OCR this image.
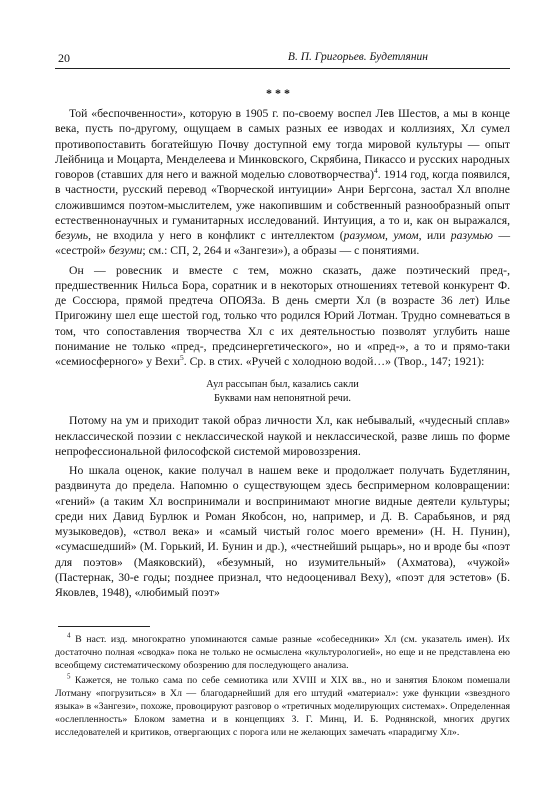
20	В. П. Григорьев. Будетлянин
***

Той «беспочвенности», которую в 1905 г. по-своему воспел Лев Шестов, а мы в конце века, пусть по-другому, ощущаем в самых разных ее изводах и коллизиях, Хл сумел противопоставить богатейшую Почву доступной ему тогда мировой культуры — опыт Лейбница и Моцарта, Менделеева и Минковского, Скрябина, Пикассо и русских народных говоров (ставших для него и важной моделью словотворчества)$^4$. 1914 год, когда появился, в частности, русский перевод «Творческой интуиции» Анри Бергсона, застал Хл вполне сложившимся поэтом-мыслителем, уже накопившим и собственный разнообразный опыт естественнонаучных и гуманитарных исследований. Интуиция, а то и, как он выражался, безумь, не входила у него в конфликт с интеллектом (разумом, умом, или разумью — «сестрой» безуми; см.: СП, 2, 264 и «Зангези»), а образы — с понятиями.

Он — ровесник и вместе с тем, можно сказать, даже поэтический пред-, предшественник Нильса Бора, соратник и в некоторых отношениях тетевой конкурент Ф. де Соссюра, прямой предтеча ОПОЯЗа. В день смерти Хл (в возрасте 36 лет) Илье Пригожину шел еще шестой год, только что родился Юрий Лотман. Трудно сомневаться в том, что сопоставления творчества Хл с их деятельностью позволят углубить наше понимание не только «пред-, предсинергетического», но и «пред-», а то и прямо-таки «семиосферного» у Вехи$^5$. Ср. в стих. «Ручей с холодною водой…» (Твор., 147; 1921):

Аул рассыпан был, казались сакли
Буквами нам непонятной речи.

Потому на ум и приходит такой образ личности Хл, как небывалый, «чудесный сплав» неклассической поэзии с неклассической наукой и неклассической, разве лишь по форме непрофессиональной философской системой мировоззрения.

Но шкала оценок, какие получал в нашем веке и продолжает получать Будетлянин, раздвинута до предела. Напомню о существующем здесь беспримерном коловращении: «гений» (а таким Хл воспринимали и воспринимают многие видные деятели культуры; среди них Давид Бурлюк и Роман Якобсон, но, например, и Д. В. Сарабьянов, и ряд музыковедов), «ствол века» и «самый чистый голос моего времени» (Н. Н. Пунин), «сумасшедший» (М. Горький, И. Бунин и др.), «честнейший рыцарь», но и вроде бы «поэт для поэтов» (Маяковский), «безумный, но изумительный» (Ахматова), «чужой» (Пастернак, 30-е годы; позднее признал, что недооценивал Веху), «поэт для эстетов» (Б. Яковлев, 1948), «любимый поэт»

$^4$ В наст. изд. многократно упоминаются самые разные «собеседники» Хл (см. указатель имен). Их достаточно полная «сводка» пока не только не осмыслена «культурологией», но еще и не представлена ею всеобщему систематическому обозрению для последующего анализа.

$^5$ Кажется, не только сама по себе семиотика или XVIII и XIX вв., но и занятия Блоком помешали Лотману «погрузиться» в Хл — благодарнейший для его штудий «материал»: уже функции «звездного языка» в «Зангези», похоже, провоцируют разговор о «третичных моделирующих системах». Определенная «ослепленность» Блоком заметна и в концепциях З. Г. Минц, И. Б. Роднянской, многих других исследователей и критиков, отвергающих с порога или не желающих замечать «парадигму Хл».
